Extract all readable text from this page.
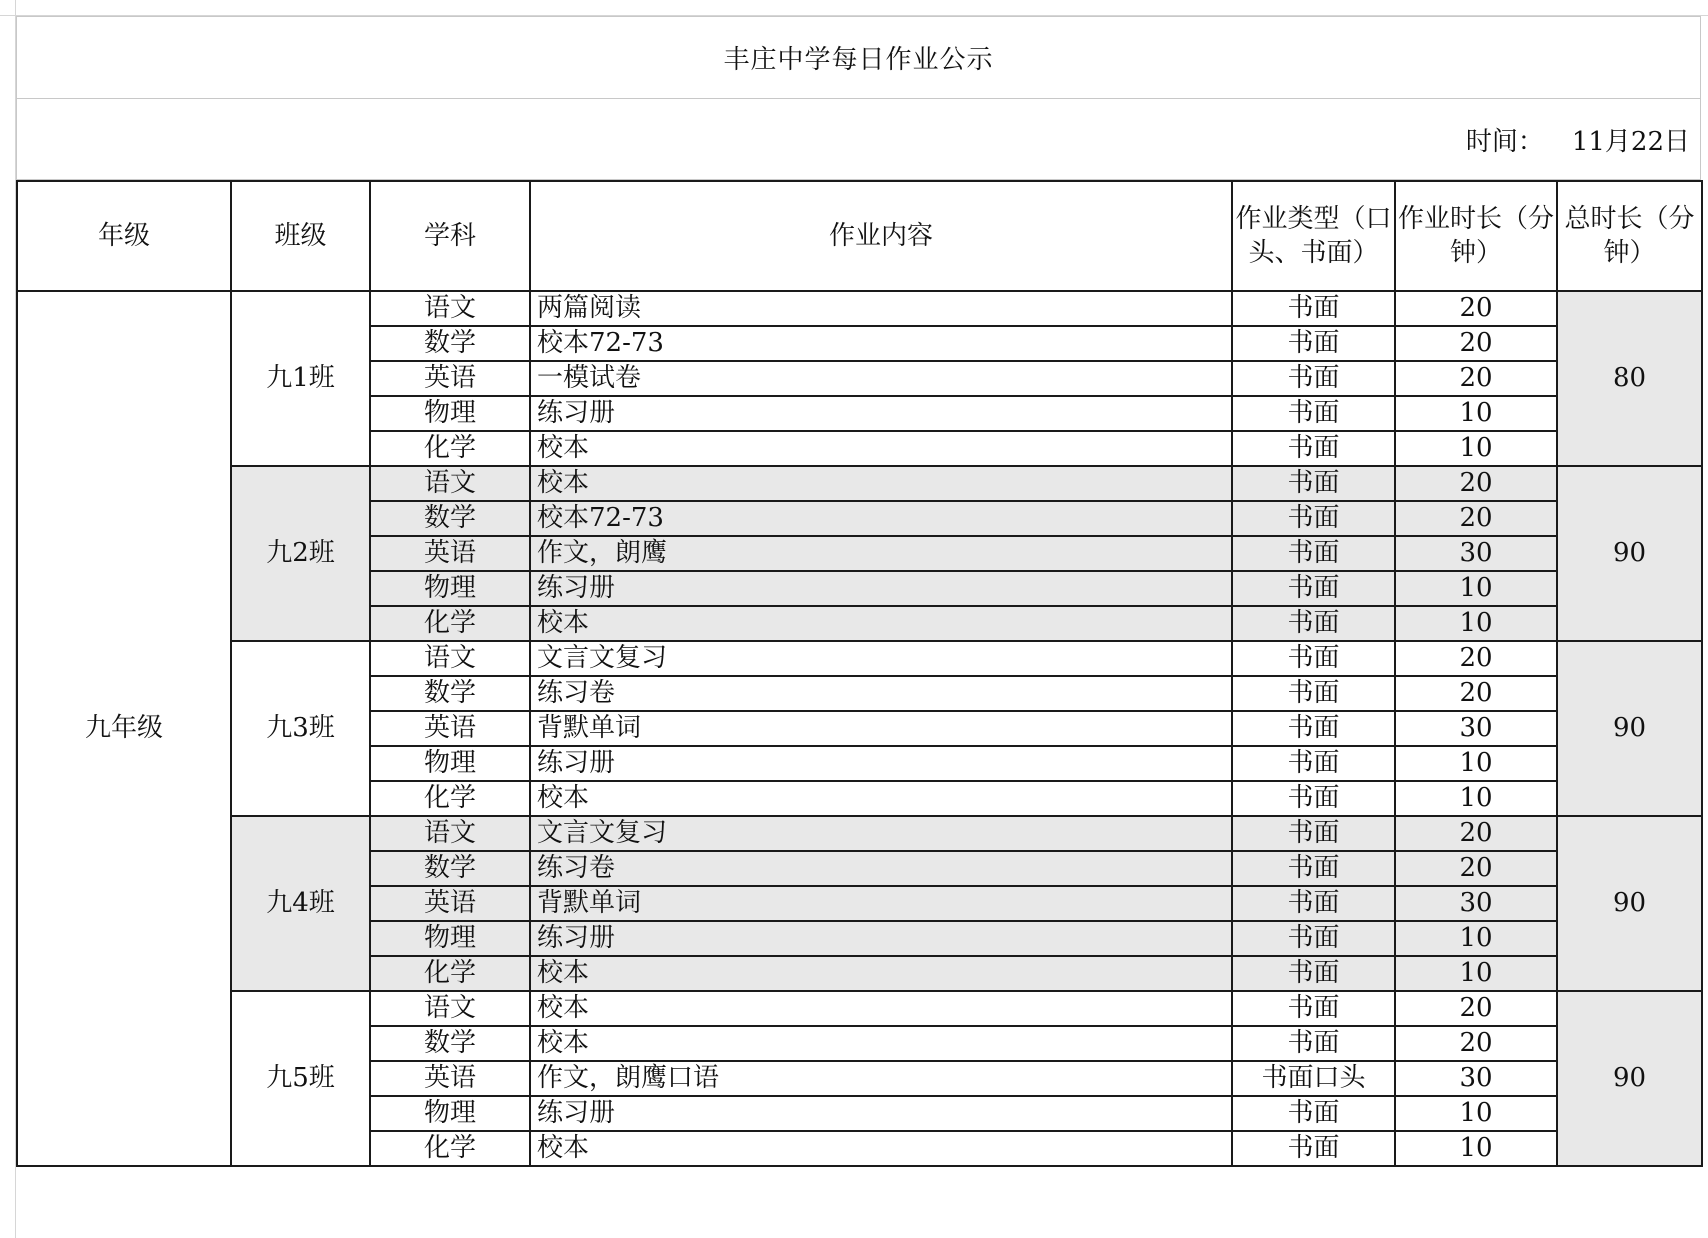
丰庄中学每日作业公示
时间： 11月22日
年级	班级	学科	作业内容	作业类型（口头、书面）	作业时长（分钟）	总时长（分钟）
九年级	九1班	语文	两篇阅读	书面	20	80
		数学	校本72-73	书面	20	
		英语	一模试卷	书面	20	
		物理	练习册	书面	10	
		化学	校本	书面	10	
	九2班	语文	校本	书面	20	90
		数学	校本72-73	书面	20	
		英语	作文，朗鹰	书面	30	
		物理	练习册	书面	10	
		化学	校本	书面	10	
	九3班	语文	文言文复习	书面	20	90
		数学	练习卷	书面	20	
		英语	背默单词	书面	30	
		物理	练习册	书面	10	
		化学	校本	书面	10	
	九4班	语文	文言文复习	书面	20	90
		数学	练习卷	书面	20	
		英语	背默单词	书面	30	
		物理	练习册	书面	10	
		化学	校本	书面	10	
	九5班	语文	校本	书面	20	90
		数学	校本	书面	20	
		英语	作文，朗鹰口语	书面口头	30	
		物理	练习册	书面	10	
		化学	校本	书面	10	
